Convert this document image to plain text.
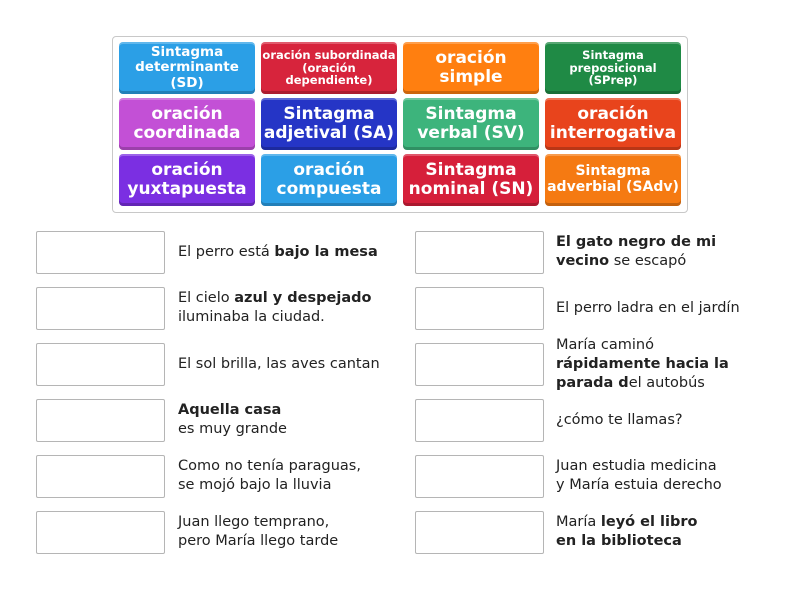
Sintagma
determinante (SD)
oración subordinada
(oración
dependiente)
oración
simple
Sintagma
preposicional
(SPrep)
oración
coordinada
Sintagma
adjetival (SA)
Sintagma
verbal (SV)
oración
interrogativa
oración
yuxtapuesta
oración
compuesta
Sintagma
nominal (SN)
Sintagma
adverbial (SAdv)
El perro está bajo la mesa
El cielo azul y despejado
iluminaba la ciudad.
El sol brilla, las aves cantan
Aquella casa
es muy grande
Como no tenía paraguas,
se mojó bajo la lluvia
Juan llego temprano,
pero María llego tarde
El gato negro de mi
vecino se escapó
El perro ladra en el jardín
María caminó
rápidamente hacia la
parada del autobús
¿cómo te llamas?
Juan estudia medicina
y María estuia derecho
María leyó el libro
en la biblioteca
